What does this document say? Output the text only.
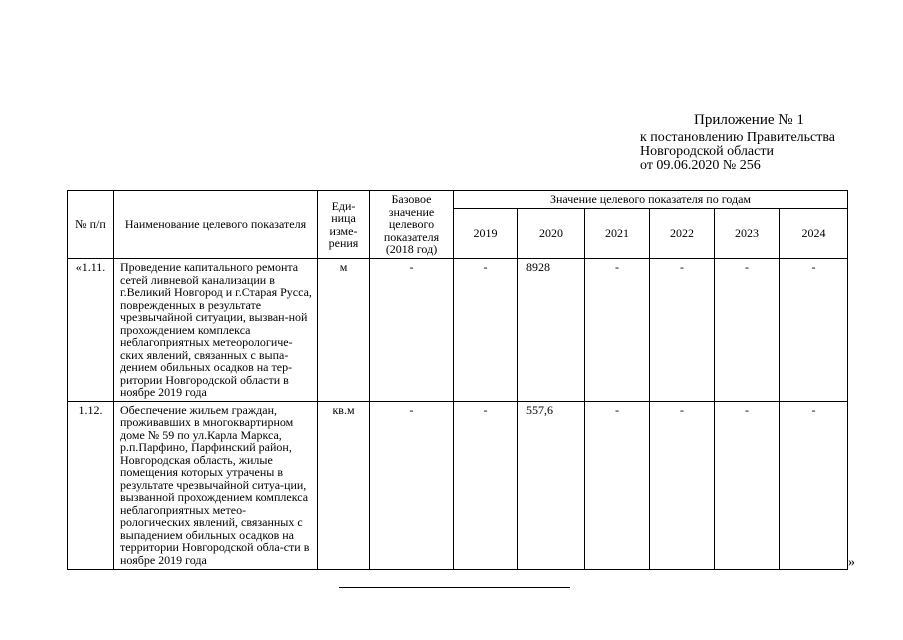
Приложение № 1
к постановлению Правительства
Новгородской области
от 09.06.2020 № 256
№ п/п	Наименование целевого показателя	Еди-ница изме-рения	Базовое значение целевого показателя (2018 год)	Значение целевого показателя по годам					
				2019	2020	2021	2022	2023	2024
«1.11.	Проведение капитального ремонта сетей ливневой канализации в г.Великий Новгород и г.Старая Русса, поврежденных в результате чрезвычайной ситуации, вызван-ной прохождением комплекса неблагоприятных метеорологиче-ских явлений, связанных с выпа-дением обильных осадков на тер-ритории Новгородской области в ноябре 2019 года	м	-	-	8928	-	-	-	-
1.12.	Обеспечение жильем граждан, проживавших в многоквартирном доме № 59 по ул.Карла Маркса, р.п.Парфино, Парфинский район, Новгородская область, жилые помещения которых утрачены в результате чрезвычайной ситуа-ции, вызванной прохождением комплекса неблагоприятных метео-рологических явлений, связанных с выпадением обильных осадков на территории Новгородской обла-сти в ноябре 2019 года	кв.м	-	-	557,6	-	-	-	-
»
